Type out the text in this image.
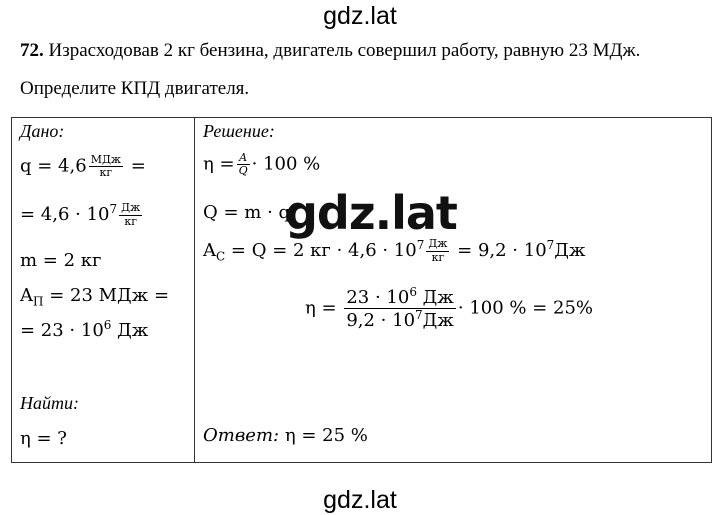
gdz.lat
72. Израсходовав 2 кг бензина, двигатель совершил работу, равную 23 МДж.
Определите КПД двигателя.
Дано:
$q = 4,6 \frac{\text{МДж}}{кг}$ =
= $4,6 \cdot 10^7 \frac{Дж}{кг}$
m = 2 кг
$A_П = 23$ МДж =
= $23 \cdot 10^6$ Дж
Найти:
η = ?

Решение:
$\eta = \frac{A}{Q} \cdot 100$ %
Q = m · q
$A_C = Q = 2$ кг · $4,6 \cdot 10^7 \frac{Дж}{кг} = 9,2 \cdot 10^7Дж$
$\eta = \frac{23 \cdot 10^6 Дж}{9,2 \cdot 10^7Дж} \cdot 100$ % = 25%
Ответ: η = 25 %
gdz.lat
gdz.lat
